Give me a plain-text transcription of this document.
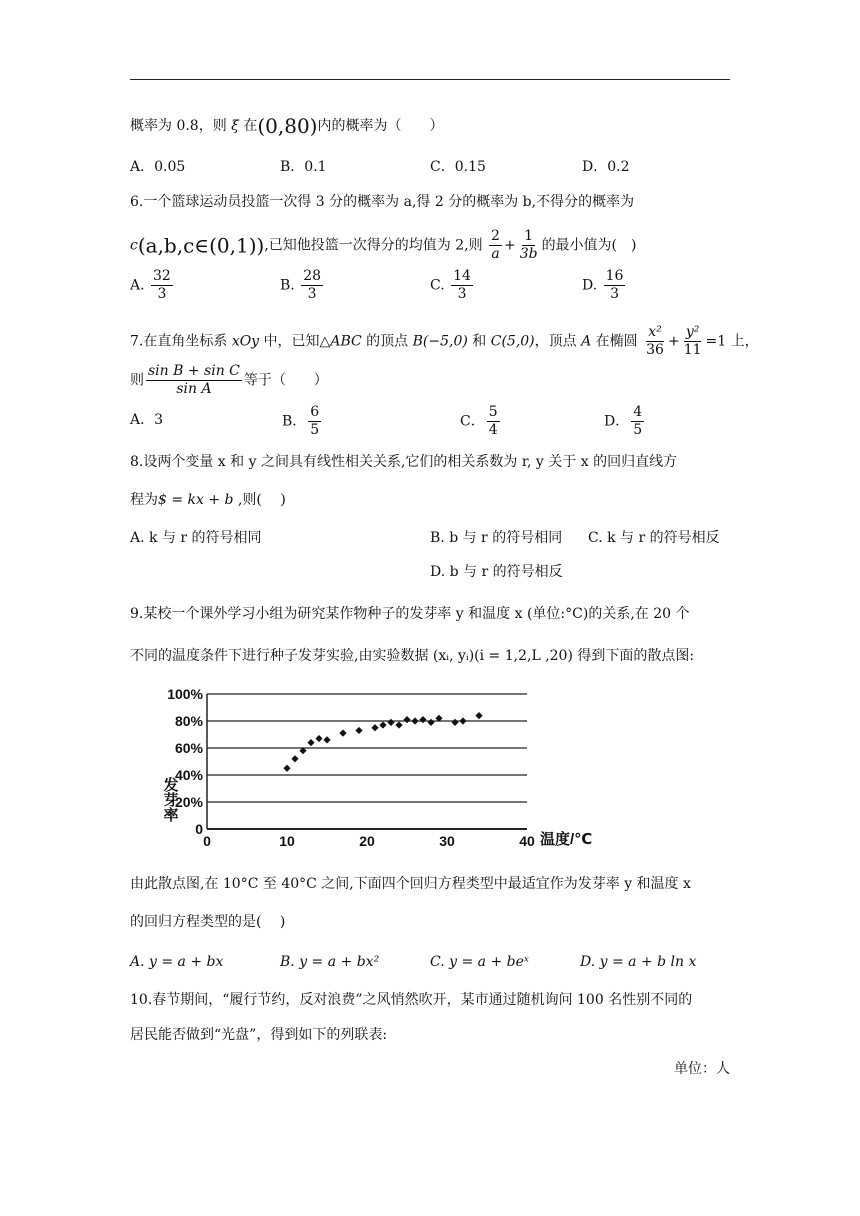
概率为 0.8，则 ξ 在(0,80)内的概率为（　　）
A．0.05	B．0.1	C．0.15	D．0.2
6.一个篮球运动员投篮一次得 3 分的概率为 a,得 2 分的概率为 b,不得分的概率为
c(a,b,c∈(0,1)),已知他投篮一次得分的均值为 2,则 $\frac{2}{a} + \frac{1}{3b}$ 的最小值为(　)
A. $\frac{32}{3}$	B. $\frac{28}{3}$	C. $\frac{14}{3}$	D. $\frac{16}{3}$
7.在直角坐标系 xOy 中，已知△ABC 的顶点 B(−5,0) 和 C(5,0)，顶点 A 在椭圆 $\frac{\text{x²}}{36} + \frac{\text{y²}}{11} =1$ 上，
则 $\frac{\text{sin B + sin C}}{\text{sin A}}$ 等于（　　）
A．3	B． $\frac{6}{5}$	C． $\frac{5}{4}$	D． $\frac{4}{5}$
8.设两个变量 x 和 y 之间具有线性相关关系,它们的相关系数为 r, y 关于 x 的回归直线方
程为$ = kx + b ,则(　 )
A. k 与 r 的符号相同	B. b 与 r 的符号相同 C. k 与 r 的符号相反
D. b 与 r 的符号相反
9.某校一个课外学习小组为研究某作物种子的发芽率 y 和温度 x (单位:°C)的关系,在 20 个
不同的温度条件下进行种子发芽实验,由实验数据 (xᵢ, yᵢ)(i = 1,2,L ,20) 得到下面的散点图:
0
20%
40%
60%
80%
100%
0	10	20	30	40
发芽率
温度/℃
由此散点图,在 10°C 至 40°C 之间,下面四个回归方程类型中最适宜作为发芽率 y 和温度 x
的回归方程类型的是(　 )
A. y = a + bx	B. y = a + bx²	C. y = a + beˣ	D. y = a + b ln x
10.春节期间，“履行节约，反对浪费”之风悄然吹开，某市通过随机询问 100 名性别不同的
居民能否做到“光盘”，得到如下的列联表:
单位：人
